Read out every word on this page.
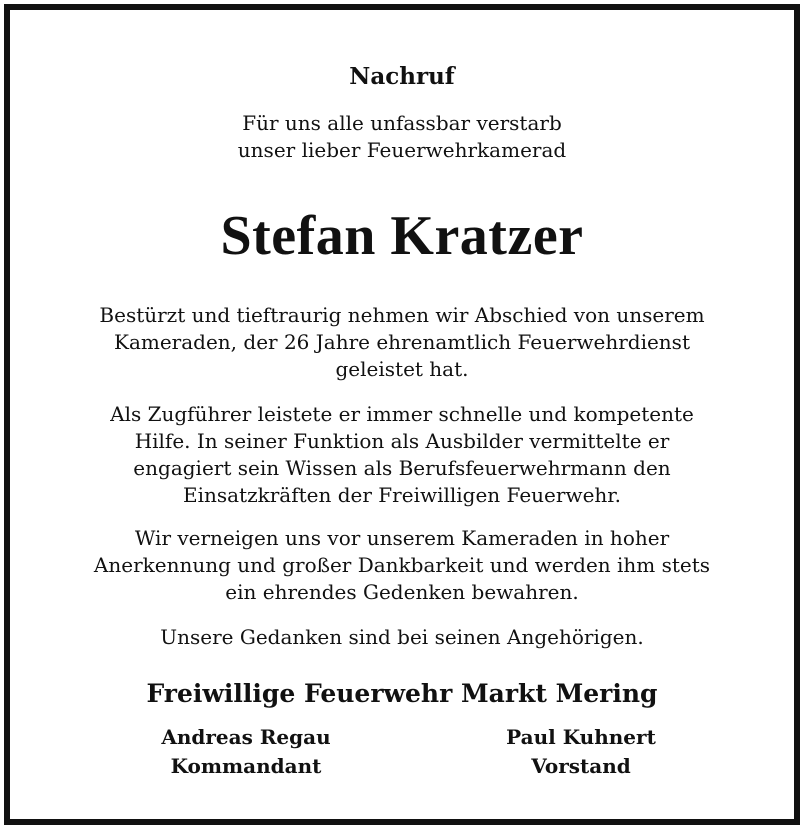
Nachruf
Für uns alle unfassbar verstarb
unser lieber Feuerwehrkamerad
Stefan Kratzer
Bestürzt und tieftraurig nehmen wir Abschied von unserem
Kameraden, der 26 Jahre ehrenamtlich Feuerwehrdienst
geleistet hat.
Als Zugführer leistete er immer schnelle und kompetente
Hilfe. In seiner Funktion als Ausbilder vermittelte er
engagiert sein Wissen als Berufsfeuerwehrmann den
Einsatzkräften der Freiwilligen Feuerwehr.
Wir verneigen uns vor unserem Kameraden in hoher
Anerkennung und großer Dankbarkeit und werden ihm stets
ein ehrendes Gedenken bewahren.
Unsere Gedanken sind bei seinen Angehörigen.
Freiwillige Feuerwehr Markt Mering
Andreas Regau
Kommandant
Paul Kuhnert
Vorstand
